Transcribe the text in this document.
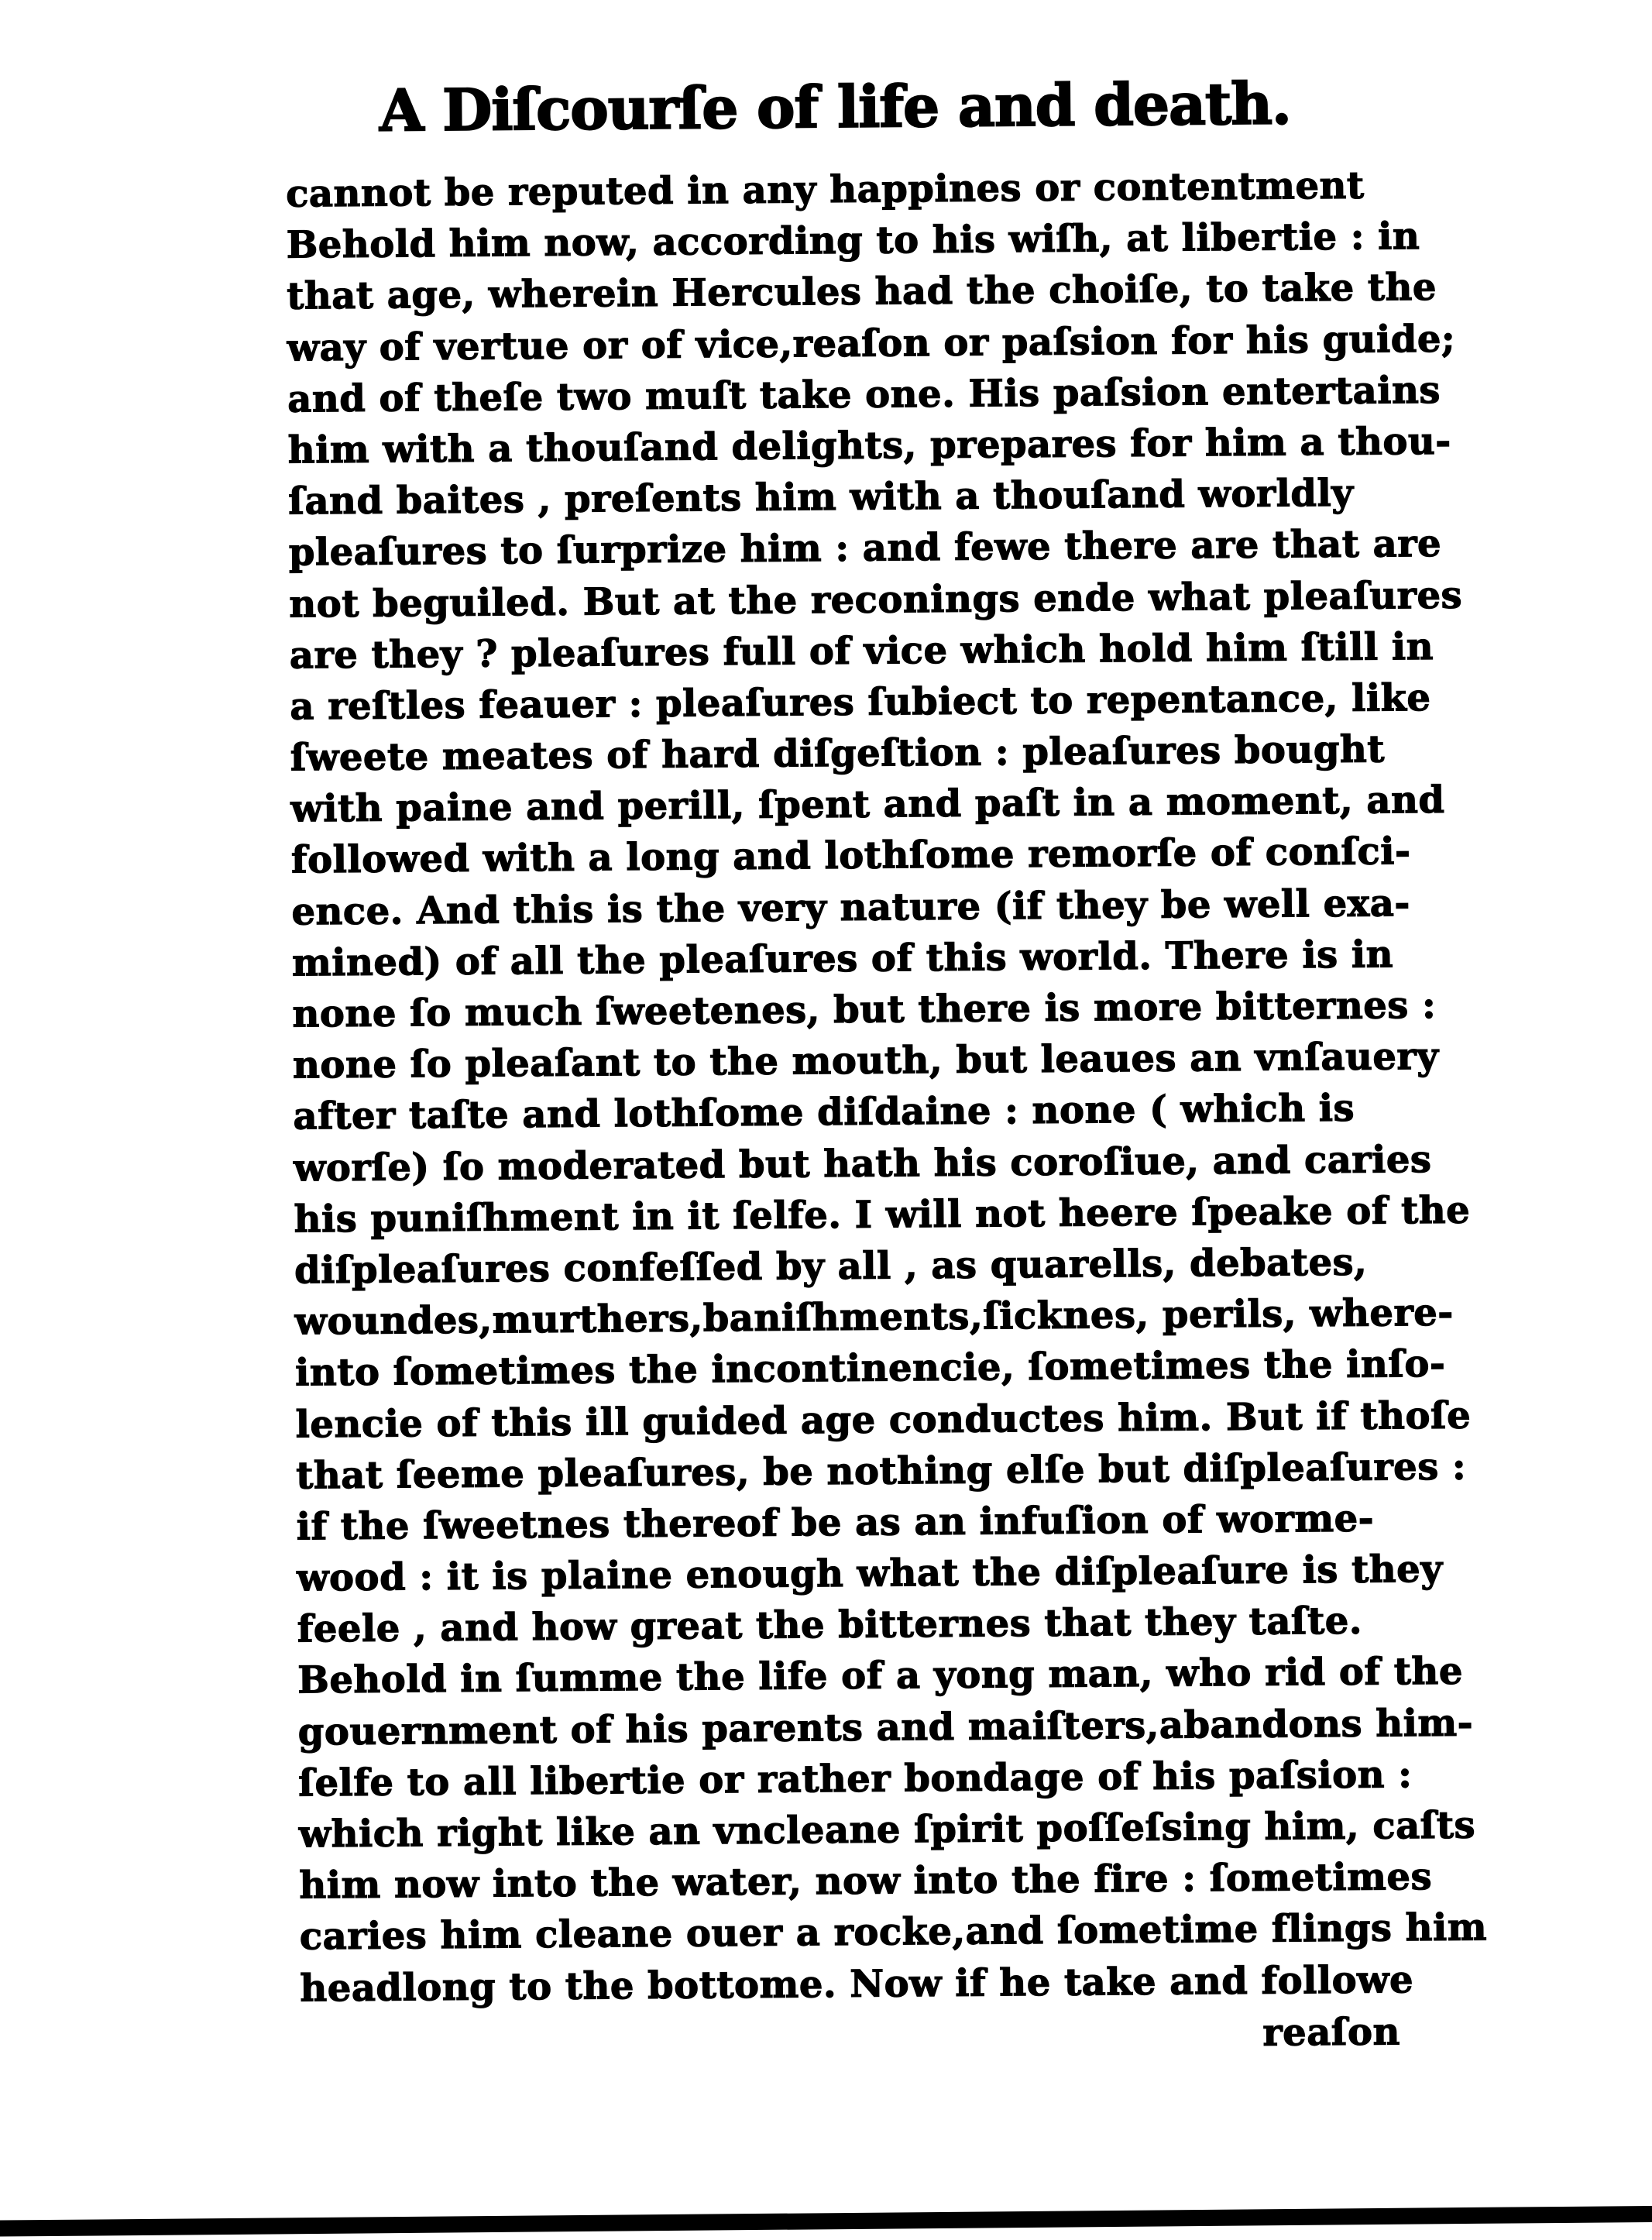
A Diſcourſe of life and death.
cannot be reputed in any happines or contentment
Behold him now, according to his wiſh, at libertie : in
that age, wherein Hercules had the choiſe, to take the
way of vertue or of vice,reaſon or paſsion for his guide;
and of theſe two muſt take one. His paſsion entertains
him with a thouſand delights, prepares for him a thou-
ſand baites , preſents him with a thouſand worldly
pleaſures to ſurprize him : and fewe there are that are
not beguiled. But at the reconings ende what pleaſures
are they ? pleaſures full of vice which hold him ſtill in
a reſtles feauer : pleaſures ſubiect to repentance, like
ſweete meates of hard diſgeſtion : pleaſures bought
with paine and perill, ſpent and paſt in a moment, and
followed with a long and lothſome remorſe of conſci-
ence. And this is the very nature (if they be well exa-
mined) of all the pleaſures of this world. There is in
none ſo much ſweetenes, but there is more bitternes :
none ſo pleaſant to the mouth, but leaues an vnſauery
after taſte and lothſome diſdaine : none ( which is
worſe) ſo moderated but hath his coroſiue, and caries
his puniſhment in it ſelfe. I will not heere ſpeake of the
diſpleaſures confeſſed by all , as quarells, debates,
woundes,murthers,baniſhments,ſicknes, perils, where-
into ſometimes the incontinencie, ſometimes the inſo-
lencie of this ill guided age conductes him. But if thoſe
that ſeeme pleaſures, be nothing elſe but diſpleaſures :
if the ſweetnes thereof be as an infuſion of worme-
wood : it is plaine enough what the diſpleaſure is they
feele , and how great the bitternes that they taſte.
Behold in ſumme the life of a yong man, who rid of the
gouernment of his parents and maiſters,abandons him-
ſelfe to all libertie or rather bondage of his paſsion :
which right like an vncleane ſpirit poſſeſsing him, caſts
him now into the water, now into the fire : ſometimes
caries him cleane ouer a rocke,and ſometime flings him
headlong to the bottome. Now if he take and followe
reaſon
